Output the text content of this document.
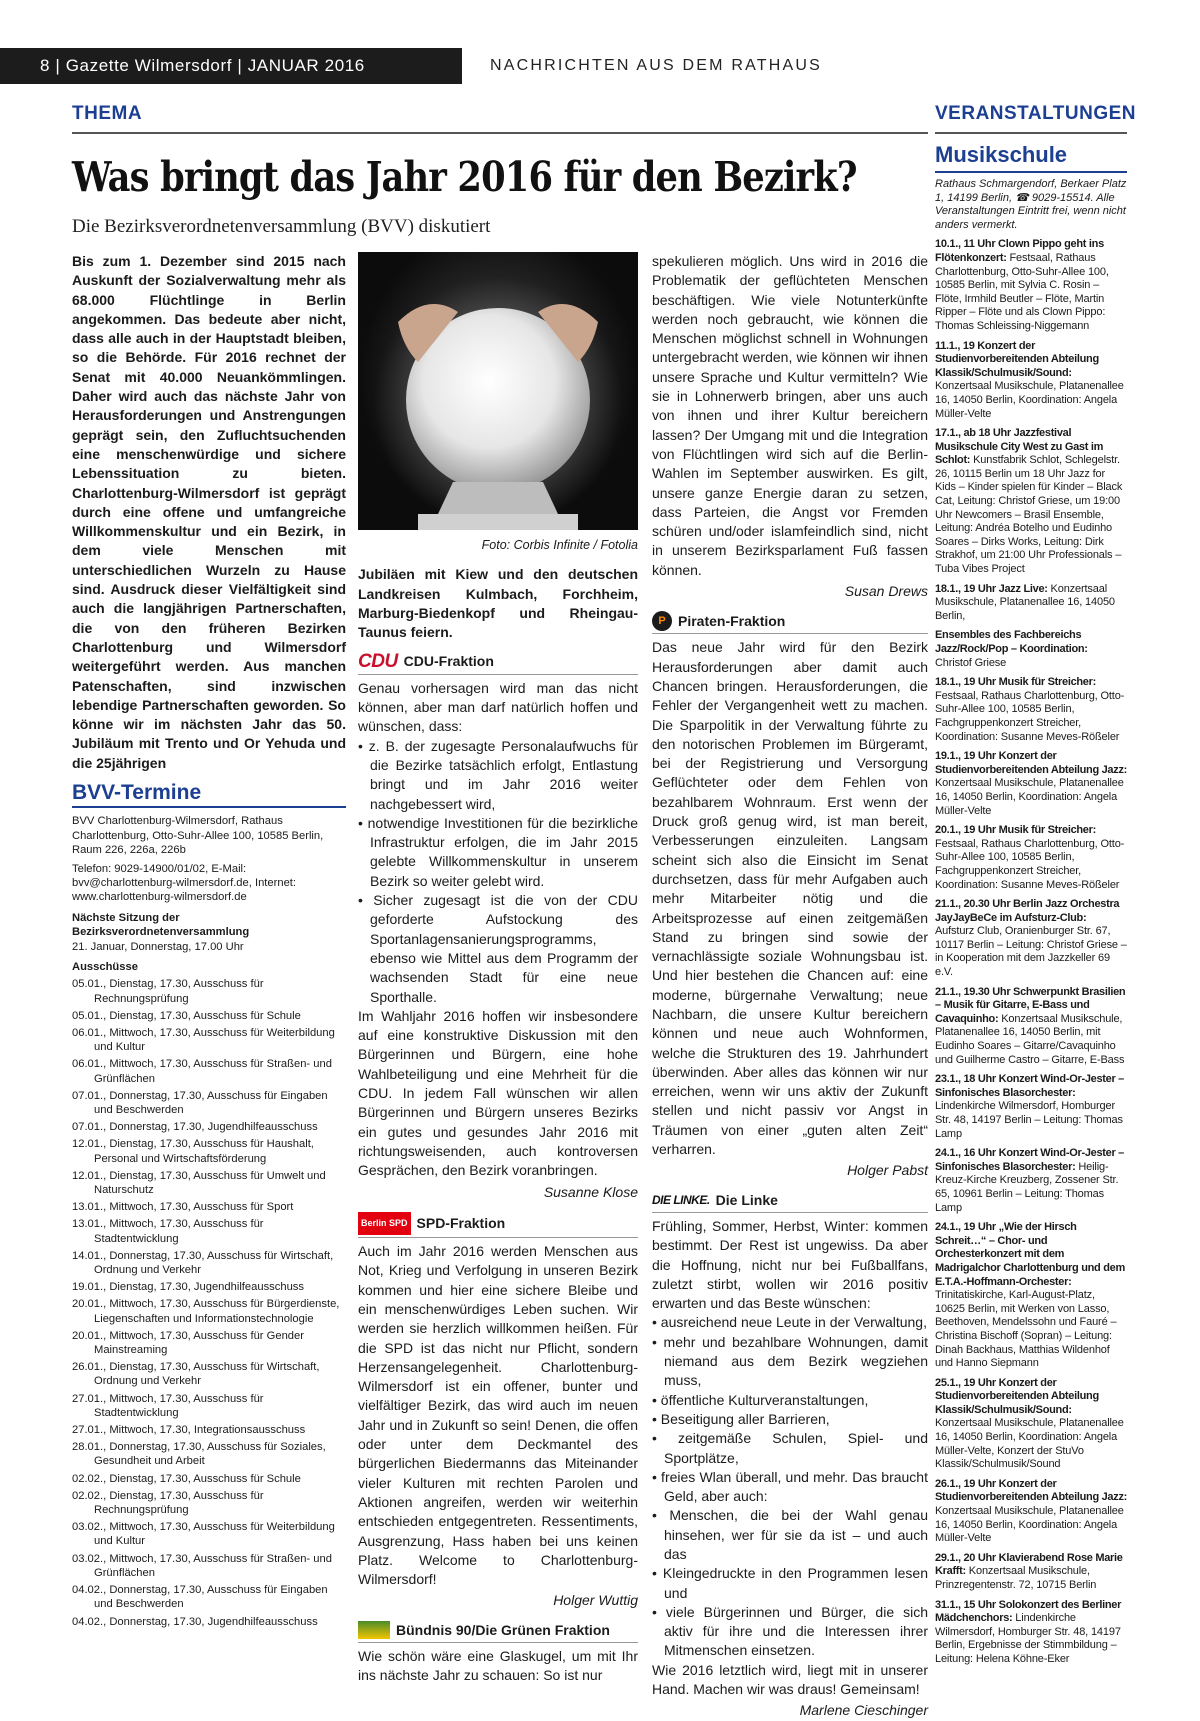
8 | Gazette Wilmersdorf | JANUAR 2016	NACHRICHTEN AUS DEM RATHAUS
THEMA	VERANSTALTUNGEN
Was bringt das Jahr 2016 für den Bezirk?
Die Bezirksverordnetenversammlung (BVV) diskutiert
Bis zum 1. Dezember sind 2015 nach Auskunft der Sozialverwaltung mehr als 68.000 Flüchtlinge in Berlin angekommen. Das bedeute aber nicht, dass alle auch in der Hauptstadt bleiben, so die Behörde. Für 2016 rechnet der Senat mit 40.000 Neuankömmlingen. Daher wird auch das nächste Jahr von Herausforderungen und Anstrengungen geprägt sein, den Zufluchtsuchenden eine menschenwürdige und sichere Lebenssituation zu bieten. Charlottenburg-Wilmersdorf ist geprägt durch eine offene und umfangreiche Willkommenskultur und ein Bezirk, in dem viele Menschen mit unterschiedlichen Wurzeln zu Hause sind. Ausdruck dieser Vielfältigkeit sind auch die langjährigen Partnerschaften, die von den früheren Bezirken Charlottenburg und Wilmersdorf weitergeführt werden. Aus manchen Patenschaften, sind inzwischen lebendige Partnerschaften geworden. So könne wir im nächsten Jahr das 50. Jubiläum mit Trento und Or Yehuda und die 25jährigen
BVV-Termine
BVV Charlottenburg-Wilmersdorf, Rathaus Charlottenburg, Otto-Suhr-Allee 100, 10585 Berlin, Raum 226, 226a, 226b
Telefon: 9029-14900/01/02, E-Mail: bvv@charlottenburg-wilmersdorf.de, Internet: www.charlottenburg-wilmersdorf.de
Nächste Sitzung der Bezirksverordnetenversammlung
21. Januar, Donnerstag, 17.00 Uhr
Ausschüsse
05.01., Dienstag, 17.30, Ausschuss für Rechnungsprüfung
05.01., Dienstag, 17.30, Ausschuss für Schule
06.01., Mittwoch, 17.30, Ausschuss für Weiterbildung und Kultur
06.01., Mittwoch, 17.30, Ausschuss für Straßen- und Grünflächen
07.01., Donnerstag, 17.30, Ausschuss für Eingaben und Beschwerden
07.01., Donnerstag, 17.30, Jugendhilfeausschuss
12.01., Dienstag, 17.30, Ausschuss für Haushalt, Personal und Wirtschaftsförderung
12.01., Dienstag, 17.30, Ausschuss für Umwelt und Naturschutz
13.01., Mittwoch, 17.30, Ausschuss für Sport
13.01., Mittwoch, 17.30, Ausschuss für Stadtentwicklung
14.01., Donnerstag, 17.30, Ausschuss für Wirtschaft, Ordnung und Verkehr
19.01., Dienstag, 17.30, Jugendhilfeausschuss
20.01., Mittwoch, 17.30, Ausschuss für Bürgerdienste, Liegenschaften und Informationstechnologie
20.01., Mittwoch, 17.30, Ausschuss für Gender Mainstreaming
26.01., Dienstag, 17.30, Ausschuss für Wirtschaft, Ordnung und Verkehr
27.01., Mittwoch, 17.30, Ausschuss für Stadtentwicklung
27.01., Mittwoch, 17.30, Integrationsausschuss
28.01., Donnerstag, 17.30, Ausschuss für Soziales, Gesundheit und Arbeit
02.02., Dienstag, 17.30, Ausschuss für Schule
02.02., Dienstag, 17.30, Ausschuss für Rechnungsprüfung
03.02., Mittwoch, 17.30, Ausschuss für Weiterbildung und Kultur
03.02., Mittwoch, 17.30, Ausschuss für Straßen- und Grünflächen
04.02., Donnerstag, 17.30, Ausschuss für Eingaben und Beschwerden
04.02., Donnerstag, 17.30, Jugendhilfeausschuss
Foto: Corbis Infinite / Fotolia
Jubiläen mit Kiew und den deutschen Landkreisen Kulmbach, Forchheim, Marburg-Biedenkopf und Rheingau-Taunus feiern.
CDU CDU-Fraktion
Genau vorhersagen wird man das nicht können, aber man darf natürlich hoffen und wünschen, dass:
• z. B. der zugesagte Personalaufwuchs für die Bezirke tatsächlich erfolgt, Entlastung bringt und im Jahr 2016 weiter nachgebessert wird,
• notwendige Investitionen für die bezirkliche Infrastruktur erfolgen, die im Jahr 2015 gelebte Willkommenskultur in unserem Bezirk so weiter gelebt wird.
• Sicher zugesagt ist die von der CDU geforderte Aufstockung des Sportanlagensanierungsprogramms, ebenso wie Mittel aus dem Programm der wachsenden Stadt für eine neue Sporthalle.
Im Wahljahr 2016 hoffen wir insbesondere auf eine konstruktive Diskussion mit den Bürgerinnen und Bürgern, eine hohe Wahlbeteiligung und eine Mehrheit für die CDU. In jedem Fall wünschen wir allen Bürgerinnen und Bürgern unseres Bezirks ein gutes und gesundes Jahr 2016 mit richtungsweisenden, auch kontroversen Gesprächen, den Bezirk voranbringen.
Susanne Klose
Berlin SPD SPD-Fraktion
Auch im Jahr 2016 werden Menschen aus Not, Krieg und Verfolgung in unseren Bezirk kommen und hier eine sichere Bleibe und ein menschenwürdiges Leben suchen. Wir werden sie herzlich willkommen heißen. Für die SPD ist das nicht nur Pflicht, sondern Herzensangelegenheit. Charlottenburg-Wilmersdorf ist ein offener, bunter und vielfältiger Bezirk, das wird auch im neuen Jahr und in Zukunft so sein! Denen, die offen oder unter dem Deckmantel des bürgerlichen Biedermanns das Miteinander vieler Kulturen mit rechten Parolen und Aktionen angreifen, werden wir weiterhin entschieden entgegentreten. Ressentiments, Ausgrenzung, Hass haben bei uns keinen Platz. Welcome to Charlottenburg-Wilmersdorf!
Holger Wuttig
Bündnis 90/Die Grünen Fraktion
Wie schön wäre eine Glaskugel, um mit Ihr ins nächste Jahr zu schauen: So ist nur
spekulieren möglich. Uns wird in 2016 die Problematik der geflüchteten Menschen beschäftigen. Wie viele Notunterkünfte werden noch gebraucht, wie können die Menschen möglichst schnell in Wohnungen untergebracht werden, wie können wir ihnen unsere Sprache und Kultur vermitteln? Wie sie in Lohnerwerb bringen, aber uns auch von ihnen und ihrer Kultur bereichern lassen? Der Umgang mit und die Integration von Flüchtlingen wird sich auf die Berlin- Wahlen im September auswirken. Es gilt, unsere ganze Energie daran zu setzen, dass Parteien, die Angst vor Fremden schüren und/oder islamfeindlich sind, nicht in unserem Bezirksparlament Fuß fassen können.
Susan Drews
P Piraten-Fraktion
Das neue Jahr wird für den Bezirk Herausforderungen aber damit auch Chancen bringen. Herausforderungen, die Fehler der Vergangenheit wett zu machen. Die Sparpolitik in der Verwaltung führte zu den notorischen Problemen im Bürgeramt, bei der Registrierung und Versorgung Geflüchteter oder dem Fehlen von bezahlbarem Wohnraum. Erst wenn der Druck groß genug wird, ist man bereit, Verbesserungen einzuleiten. Langsam scheint sich also die Einsicht im Senat durchsetzen, dass für mehr Aufgaben auch mehr Mitarbeiter nötig und die Arbeitsprozesse auf einen zeitgemäßen Stand zu bringen sind sowie der vernachlässigte soziale Wohnungsbau ist. Und hier bestehen die Chancen auf: eine moderne, bürgernahe Verwaltung; neue Nachbarn, die unsere Kultur bereichern können und neue auch Wohnformen, welche die Strukturen des 19. Jahrhundert überwinden. Aber alles das können wir nur erreichen, wenn wir uns aktiv der Zukunft stellen und nicht passiv vor Angst in Träumen von einer „guten alten Zeit“ verharren.
Holger Pabst
DIE LINKE. Die Linke
Frühling, Sommer, Herbst, Winter: kommen bestimmt. Der Rest ist ungewiss. Da aber die Hoffnung, nicht nur bei Fußballfans, zuletzt stirbt, wollen wir 2016 positiv erwarten und das Beste wünschen:
• ausreichend neue Leute in der Verwaltung,
• mehr und bezahlbare Wohnungen, damit niemand aus dem Bezirk wegziehen muss,
• öffentliche Kulturveranstaltungen,
• Beseitigung aller Barrieren,
• zeitgemäße Schulen, Spiel- und Sportplätze,
• freies Wlan überall, und mehr. Das braucht Geld, aber auch:
• Menschen, die bei der Wahl genau hinsehen, wer für sie da ist – und auch das
• Kleingedruckte in den Programmen lesen und
• viele Bürgerinnen und Bürger, die sich aktiv für ihre und die Interessen ihrer Mitmenschen einsetzen.
Wie 2016 letztlich wird, liegt mit in unserer Hand. Machen wir was draus! Gemeinsam!
Marlene Cieschinger
Musikschule
Rathaus Schmargendorf, Berkaer Platz 1, 14199 Berlin, ☎ 9029-15514. Alle Veranstaltungen Eintritt frei, wenn nicht anders vermerkt.
10.1., 11 Uhr Clown Pippo geht ins Flötenkonzert: Festsaal, Rathaus Charlottenburg, Otto-Suhr-Allee 100, 10585 Berlin, mit Sylvia C. Rosin – Flöte, Irmhild Beutler – Flöte, Martin Ripper – Flöte und als Clown Pippo: Thomas Schleissing-Niggemann
11.1., 19 Konzert der Studienvorbereitenden Abteilung Klassik/Schulmusik/Sound: Konzertsaal Musikschule, Platanenallee 16, 14050 Berlin, Koordination: Angela Müller-Velte
17.1., ab 18 Uhr Jazzfestival Musikschule City West zu Gast im Schlot: Kunstfabrik Schlot, Schlegelstr. 26, 10115 Berlin um 18 Uhr Jazz for Kids – Kinder spielen für Kinder – Black Cat, Leitung: Christof Griese, um 19:00 Uhr Newcomers – Brasil Ensemble, Leitung: Andréa Botelho und Eudinho Soares – Dirks Works, Leitung: Dirk Strakhof, um 21:00 Uhr Professionals – Tuba Vibes Project
18.1., 19 Uhr Jazz Live: Konzertsaal Musikschule, Platanenallee 16, 14050 Berlin,
Ensembles des Fachbereichs Jazz/Rock/Pop – Koordination: Christof Griese
18.1., 19 Uhr Musik für Streicher: Festsaal, Rathaus Charlottenburg, Otto-Suhr-Allee 100, 10585 Berlin, Fachgruppenkonzert Streicher, Koordination: Susanne Meves-Rößeler
19.1., 19 Uhr Konzert der Studienvorbereitenden Abteilung Jazz: Konzertsaal Musikschule, Platanenallee 16, 14050 Berlin, Koordination: Angela Müller-Velte
20.1., 19 Uhr Musik für Streicher: Festsaal, Rathaus Charlottenburg, Otto-Suhr-Allee 100, 10585 Berlin, Fachgruppenkonzert Streicher, Koordination: Susanne Meves-Rößeler
21.1., 20.30 Uhr Berlin Jazz Orchestra JayJayBeCe im Aufsturz-Club: Aufsturz Club, Oranienburger Str. 67, 10117 Berlin – Leitung: Christof Griese – in Kooperation mit dem Jazzkeller 69 e.V.
21.1., 19.30 Uhr Schwerpunkt Brasilien – Musik für Gitarre, E-Bass und Cavaquinho: Konzertsaal Musikschule, Platanenallee 16, 14050 Berlin, mit Eudinho Soares – Gitarre/Cavaquinho und Guilherme Castro – Gitarre, E-Bass
23.1., 18 Uhr Konzert Wind-Or-Jester – Sinfonisches Blasorchester: Lindenkirche Wilmersdorf, Homburger Str. 48, 14197 Berlin – Leitung: Thomas Lamp
24.1., 16 Uhr Konzert Wind-Or-Jester – Sinfonisches Blasorchester: Heilig-Kreuz-Kirche Kreuzberg, Zossener Str. 65, 10961 Berlin – Leitung: Thomas Lamp
24.1., 19 Uhr „Wie der Hirsch Schreit…“ – Chor- und Orchesterkonzert mit dem Madrigalchor Charlottenburg und dem E.T.A.-Hoffmann-Orchester: Trinitatiskirche, Karl-August-Platz, 10625 Berlin, mit Werken von Lasso, Beethoven, Mendelssohn und Fauré – Christina Bischoff (Sopran) – Leitung: Dinah Backhaus, Matthias Wildenhof und Hanno Siepmann
25.1., 19 Uhr Konzert der Studienvorbereitenden Abteilung Klassik/Schulmusik/Sound: Konzertsaal Musikschule, Platanenallee 16, 14050 Berlin, Koordination: Angela Müller-Velte, Konzert der StuVo Klassik/Schulmusik/Sound
26.1., 19 Uhr Konzert der Studienvorbereitenden Abteilung Jazz: Konzertsaal Musikschule, Platanenallee 16, 14050 Berlin, Koordination: Angela Müller-Velte
29.1., 20 Uhr Klavierabend Rose Marie Krafft: Konzertsaal Musikschule, Prinzregentenstr. 72, 10715 Berlin
31.1., 15 Uhr Solokonzert des Berliner Mädchenchors: Lindenkirche Wilmersdorf, Homburger Str. 48, 14197 Berlin, Ergebnisse der Stimmbildung – Leitung: Helena Köhne-Eker
